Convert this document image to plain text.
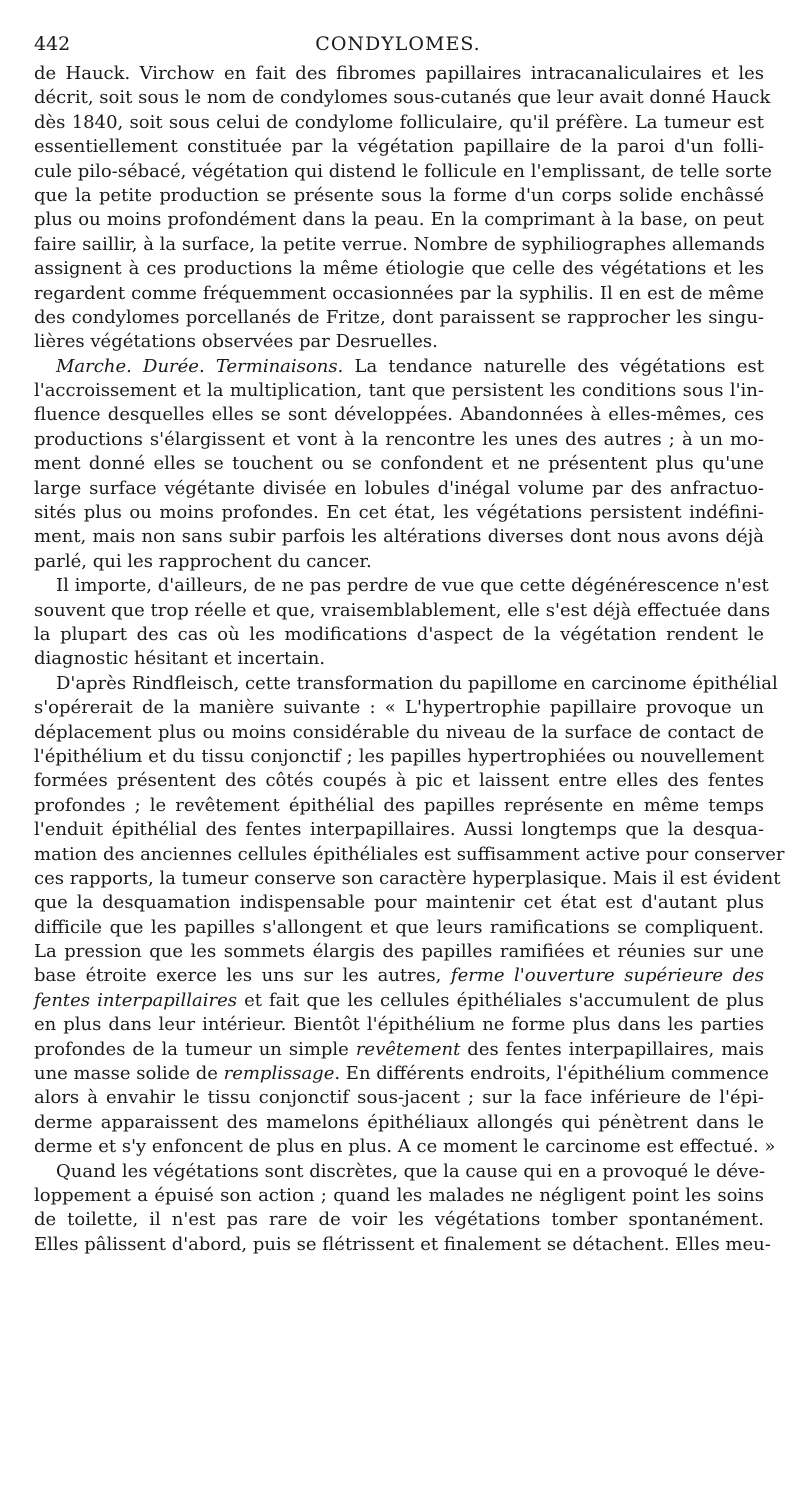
442	CONDYLOMES.
de Hauck. Virchow en fait des fibromes papillaires intracanaliculaires et les
décrit, soit sous le nom de condylomes sous-cutanés que leur avait donné Hauck
dès 1840, soit sous celui de condylome folliculaire, qu'il préfère. La tumeur est
essentiellement constituée par la végétation papillaire de la paroi d'un folli-
cule pilo-sébacé, végétation qui distend le follicule en l'emplissant, de telle sorte
que la petite production se présente sous la forme d'un corps solide enchâssé
plus ou moins profondément dans la peau. En la comprimant à la base, on peut
faire saillir, à la surface, la petite verrue. Nombre de syphiliographes allemands
assignent à ces productions la même étiologie que celle des végétations et les
regardent comme fréquemment occasionnées par la syphilis. Il en est de même
des condylomes porcellanés de Fritze, dont paraissent se rapprocher les singu-
lières végétations observées par Desruelles.
Marche. Durée. Terminaisons. La tendance naturelle des végétations est
l'accroissement et la multiplication, tant que persistent les conditions sous l'in-
fluence desquelles elles se sont développées. Abandonnées à elles-mêmes, ces
productions s'élargissent et vont à la rencontre les unes des autres ; à un mo-
ment donné elles se touchent ou se confondent et ne présentent plus qu'une
large surface végétante divisée en lobules d'inégal volume par des anfractuo-
sités plus ou moins profondes. En cet état, les végétations persistent indéfini-
ment, mais non sans subir parfois les altérations diverses dont nous avons déjà
parlé, qui les rapprochent du cancer.
Il importe, d'ailleurs, de ne pas perdre de vue que cette dégénérescence n'est
souvent que trop réelle et que, vraisemblablement, elle s'est déjà effectuée dans
la plupart des cas où les modifications d'aspect de la végétation rendent le
diagnostic hésitant et incertain.
D'après Rindfleisch, cette transformation du papillome en carcinome épithélial
s'opérerait de la manière suivante : « L'hypertrophie papillaire provoque un
déplacement plus ou moins considérable du niveau de la surface de contact de
l'épithélium et du tissu conjonctif ; les papilles hypertrophiées ou nouvellement
formées présentent des côtés coupés à pic et laissent entre elles des fentes
profondes ; le revêtement épithélial des papilles représente en même temps
l'enduit épithélial des fentes interpapillaires. Aussi longtemps que la desqua-
mation des anciennes cellules épithéliales est suffisamment active pour conserver
ces rapports, la tumeur conserve son caractère hyperplasique. Mais il est évident
que la desquamation indispensable pour maintenir cet état est d'autant plus
difficile que les papilles s'allongent et que leurs ramifications se compliquent.
La pression que les sommets élargis des papilles ramifiées et réunies sur une
base étroite exerce les uns sur les autres, ferme l'ouverture supérieure des
fentes interpapillaires et fait que les cellules épithéliales s'accumulent de plus
en plus dans leur intérieur. Bientôt l'épithélium ne forme plus dans les parties
profondes de la tumeur un simple revêtement des fentes interpapillaires, mais
une masse solide de remplissage. En différents endroits, l'épithélium commence
alors à envahir le tissu conjonctif sous-jacent ; sur la face inférieure de l'épi-
derme apparaissent des mamelons épithéliaux allongés qui pénètrent dans le
derme et s'y enfoncent de plus en plus. A ce moment le carcinome est effectué. »
Quand les végétations sont discrètes, que la cause qui en a provoqué le déve-
loppement a épuisé son action ; quand les malades ne négligent point les soins
de toilette, il n'est pas rare de voir les végétations tomber spontanément.
Elles pâlissent d'abord, puis se flétrissent et finalement se détachent. Elles meu-
